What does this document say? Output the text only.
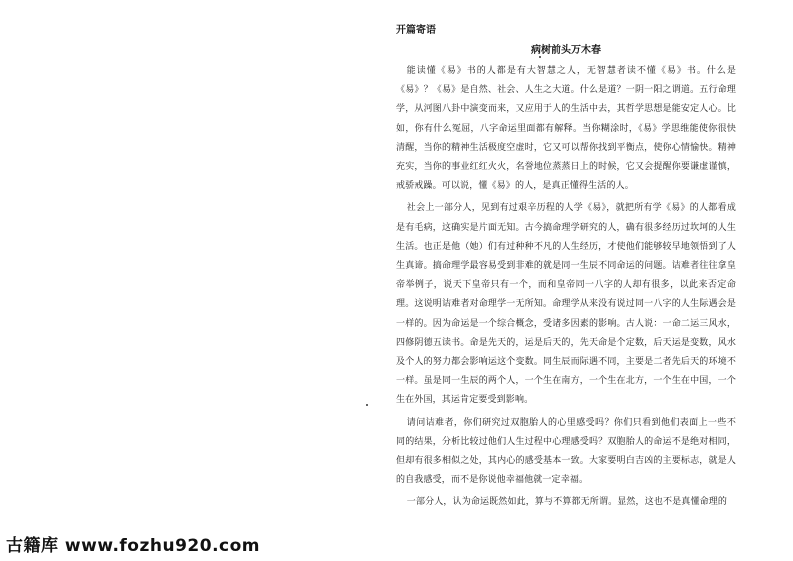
开篇寄语

病树前头万木春

能读懂《易》书的人都是有大智慧之人，无智慧者读不懂《易》书。什么是《易》？《易》是自然、社会、人生之大道。什么是道？一阴一阳之谓道。五行命理学，从河图八卦中演变而来，又应用于人的生活中去，其哲学思想是能安定人心。比如，你有什么冤屈，八字命运里面都有解释。当你糊涂时，《易》学思维能使你很快清醒，当你的精神生活极度空虚时，它又可以帮你找到平衡点，使你心情愉快。精神充实，当你的事业红红火火，名誉地位蒸蒸日上的时候，它又会提醒你要谦虚谨慎，戒骄戒躁。可以说，懂《易》的人，是真正懂得生活的人。

社会上一部分人，见到有过艰辛历程的人学《易》，就把所有学《易》的人都看成是有毛病，这确实是片面无知。古今搞命理学研究的人，确有很多经历过坎坷的人生生活。也正是他（她）们有过种种不凡的人生经历，才使他们能够较早地领悟到了人生真谛。搞命理学最容易受到非难的就是同一生辰不同命运的问题。诘难者往往拿皇帝举例子，说天下皇帝只有一个，而和皇帝同一八字的人却有很多，以此来否定命理。这说明诘难者对命理学一无所知。命理学从来没有说过同一八字的人生际遇会是一样的。因为命运是一个综合概念，受诸多因素的影响。古人说：一命二运三风水，四修阴德五读书。命是先天的，运是后天的，先天命是个定数，后天运是变数，风水及个人的努力都会影响运这个变数。同生辰而际遇不同，主要是二者先后天的环境不一样。虽是同一生辰的两个人，一个生在南方，一个生在北方，一个生在中国，一个生在外国，其运肯定要受到影响。

请问诘难者，你们研究过双胞胎人的心里感受吗？你们只看到他们表面上一些不同的结果，分析比较过他们人生过程中心理感受吗？双胞胎人的命运不是绝对相同，但却有很多相似之处，其内心的感受基本一致。大家要明白吉凶的主要标志，就是人的自我感受，而不是你说他幸福他就一定幸福。

一部分人，认为命运既然如此，算与不算都无所谓。显然，这也不是真懂命理的

古籍库 www.fozhu920.com
